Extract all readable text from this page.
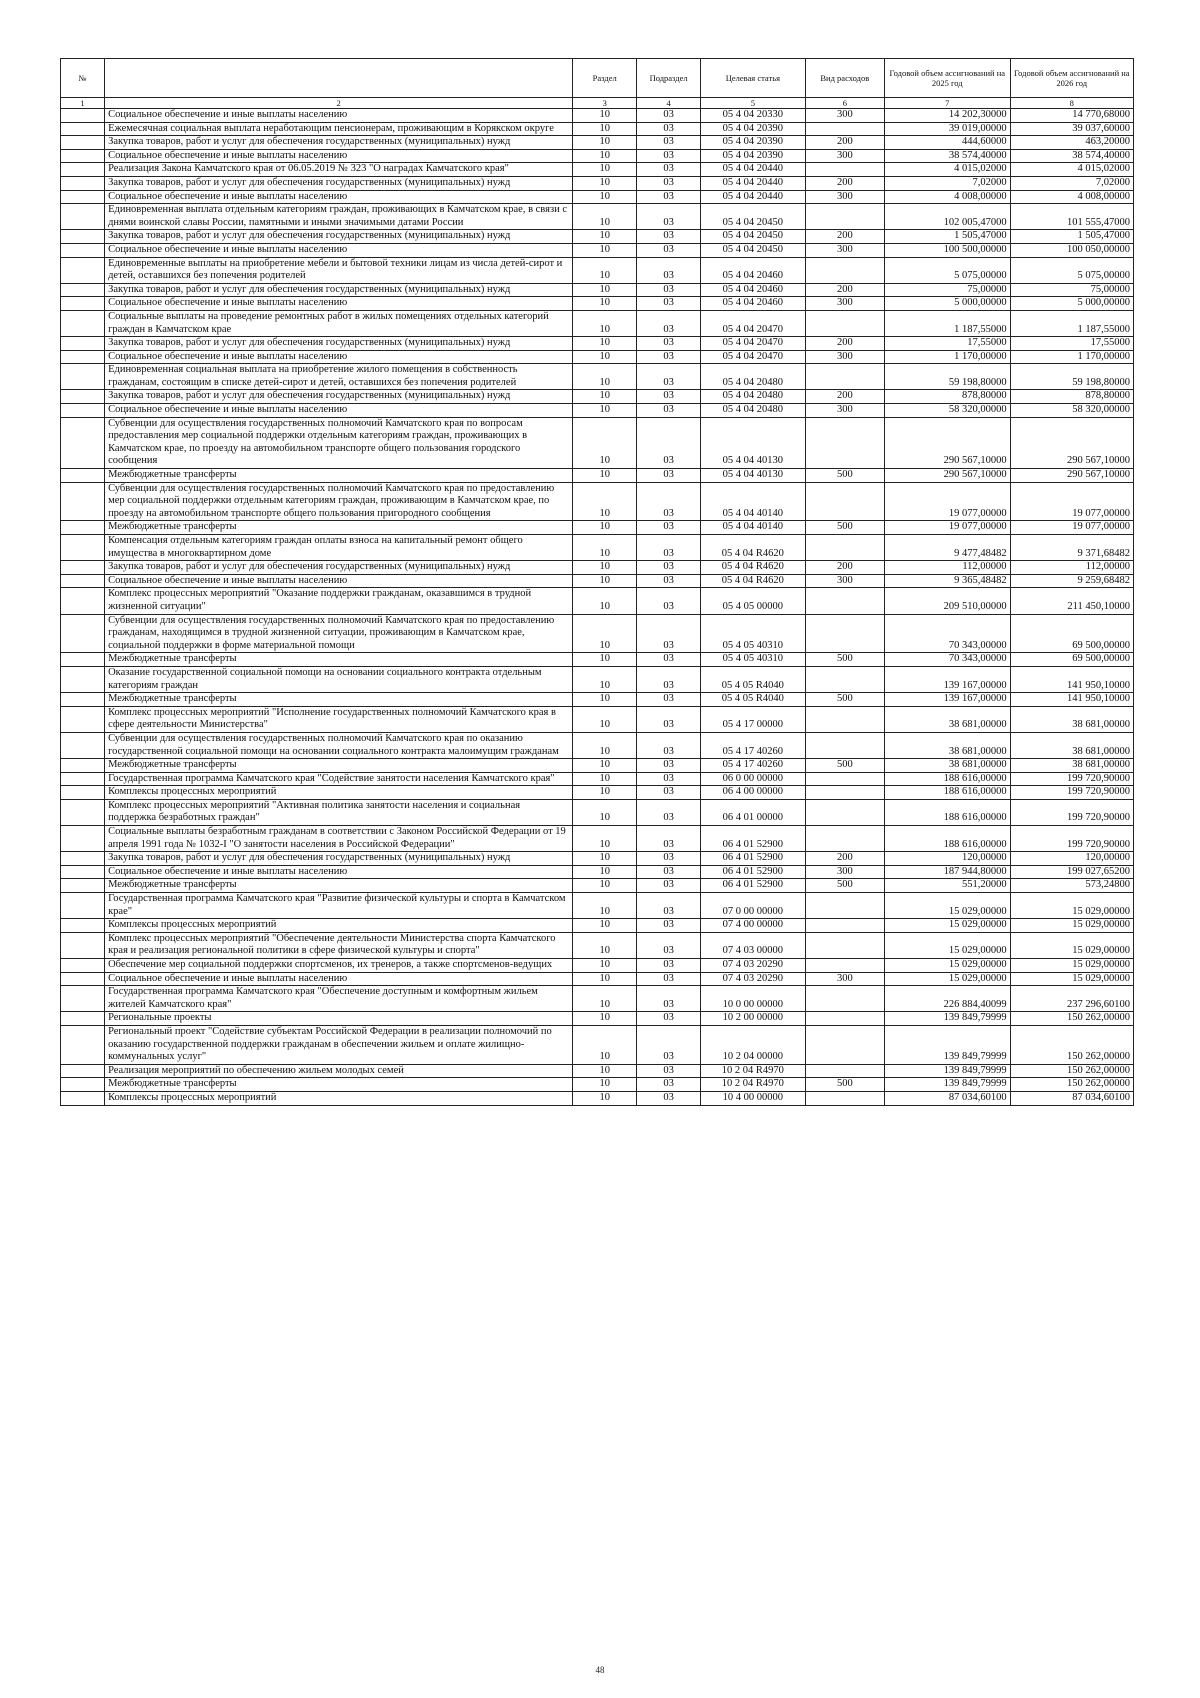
№		Раздел	Подраздел	Целевая статья	Вид расходов	Годовой объем ассигнований на 2025 год	Годовой объем ассигнований на 2026 год
1	2	3	4	5	6	7	8
	Социальное обеспечение и иные выплаты населению	10	03	05 4 04 20330	300	14 202,30000	14 770,68000
	Ежемесячная социальная выплата неработающим пенсионерам, проживающим в Корякском округе	10	03	05 4 04 20390		39 019,00000	39 037,60000
	Закупка товаров, работ и услуг для обеспечения государственных (муниципальных) нужд	10	03	05 4 04 20390	200	444,60000	463,20000
	Социальное обеспечение и иные выплаты населению	10	03	05 4 04 20390	300	38 574,40000	38 574,40000
	Реализация Закона Камчатского края от 06.05.2019 № 323 "О наградах Камчатского края"	10	03	05 4 04 20440		4 015,02000	4 015,02000
	Закупка товаров, работ и услуг для обеспечения государственных (муниципальных) нужд	10	03	05 4 04 20440	200	7,02000	7,02000
	Социальное обеспечение и иные выплаты населению	10	03	05 4 04 20440	300	4 008,00000	4 008,00000
	Единовременная выплата отдельным категориям граждан, проживающих в Камчатском крае, в связи с днями воинской славы России, памятными и иными значимыми датами России	10	03	05 4 04 20450		102 005,47000	101 555,47000
	Закупка товаров, работ и услуг для обеспечения государственных (муниципальных) нужд	10	03	05 4 04 20450	200	1 505,47000	1 505,47000
	Социальное обеспечение и иные выплаты населению	10	03	05 4 04 20450	300	100 500,00000	100 050,00000
	Единовременные выплаты на приобретение мебели и бытовой техники лицам из числа детей-сирот и детей, оставшихся без попечения родителей	10	03	05 4 04 20460		5 075,00000	5 075,00000
	Закупка товаров, работ и услуг для обеспечения государственных (муниципальных) нужд	10	03	05 4 04 20460	200	75,00000	75,00000
	Социальное обеспечение и иные выплаты населению	10	03	05 4 04 20460	300	5 000,00000	5 000,00000
	Социальные выплаты на проведение ремонтных работ в жилых помещениях отдельных категорий граждан в Камчатском крае	10	03	05 4 04 20470		1 187,55000	1 187,55000
	Закупка товаров, работ и услуг для обеспечения государственных (муниципальных) нужд	10	03	05 4 04 20470	200	17,55000	17,55000
	Социальное обеспечение и иные выплаты населению	10	03	05 4 04 20470	300	1 170,00000	1 170,00000
	Единовременная социальная выплата на приобретение жилого помещения в собственность гражданам, состоящим в списке детей-сирот и детей, оставшихся без попечения родителей	10	03	05 4 04 20480		59 198,80000	59 198,80000
	Закупка товаров, работ и услуг для обеспечения государственных (муниципальных) нужд	10	03	05 4 04 20480	200	878,80000	878,80000
	Социальное обеспечение и иные выплаты населению	10	03	05 4 04 20480	300	58 320,00000	58 320,00000
	Субвенции для осуществления государственных полномочий Камчатского края по вопросам предоставления мер социальной поддержки отдельным категориям граждан, проживающих в Камчатском крае, по проезду на автомобильном транспорте общего пользования городского сообщения	10	03	05 4 04 40130		290 567,10000	290 567,10000
	Межбюджетные трансферты	10	03	05 4 04 40130	500	290 567,10000	290 567,10000
	Субвенции для осуществления государственных полномочий Камчатского края по предоставлению мер социальной поддержки отдельным категориям граждан, проживающим в Камчатском крае, по проезду на автомобильном транспорте общего пользования пригородного сообщения	10	03	05 4 04 40140		19 077,00000	19 077,00000
	Межбюджетные трансферты	10	03	05 4 04 40140	500	19 077,00000	19 077,00000
	Компенсация отдельным категориям граждан оплаты взноса на капитальный ремонт общего имущества в многоквартирном доме	10	03	05 4 04 R4620		9 477,48482	9 371,68482
	Закупка товаров, работ и услуг для обеспечения государственных (муниципальных) нужд	10	03	05 4 04 R4620	200	112,00000	112,00000
	Социальное обеспечение и иные выплаты населению	10	03	05 4 04 R4620	300	9 365,48482	9 259,68482
	Комплекс процессных мероприятий "Оказание поддержки гражданам, оказавшимся в трудной жизненной ситуации"	10	03	05 4 05 00000		209 510,00000	211 450,10000
	Субвенции для осуществления государственных полномочий Камчатского края по предоставлению гражданам, находящимся в трудной жизненной ситуации, проживающим в Камчатском крае, социальной поддержки в форме материальной помощи	10	03	05 4 05 40310		70 343,00000	69 500,00000
	Межбюджетные трансферты	10	03	05 4 05 40310	500	70 343,00000	69 500,00000
	Оказание государственной социальной помощи на основании социального контракта отдельным категориям граждан	10	03	05 4 05 R4040		139 167,00000	141 950,10000
	Межбюджетные трансферты	10	03	05 4 05 R4040	500	139 167,00000	141 950,10000
	Комплекс процессных мероприятий "Исполнение государственных полномочий Камчатского края в сфере деятельности Министерства"	10	03	05 4 17 00000		38 681,00000	38 681,00000
	Субвенции для осуществления государственных полномочий Камчатского края по оказанию государственной социальной помощи на основании социального контракта малоимущим гражданам	10	03	05 4 17 40260		38 681,00000	38 681,00000
	Межбюджетные трансферты	10	03	05 4 17 40260	500	38 681,00000	38 681,00000
	Государственная программа Камчатского края "Содействие занятости населения Камчатского края"	10	03	06 0 00 00000		188 616,00000	199 720,90000
	Комплексы процессных мероприятий	10	03	06 4 00 00000		188 616,00000	199 720,90000
	Комплекс процессных мероприятий "Активная политика занятости населения и социальная поддержка безработных граждан"	10	03	06 4 01 00000		188 616,00000	199 720,90000
	Социальные выплаты безработным гражданам в соответствии с Законом Российской Федерации от 19 апреля 1991 года № 1032-I "О занятости населения в Российской Федерации"	10	03	06 4 01 52900		188 616,00000	199 720,90000
	Закупка товаров, работ и услуг для обеспечения государственных (муниципальных) нужд	10	03	06 4 01 52900	200	120,00000	120,00000
	Социальное обеспечение и иные выплаты населению	10	03	06 4 01 52900	300	187 944,80000	199 027,65200
	Межбюджетные трансферты	10	03	06 4 01 52900	500	551,20000	573,24800
	Государственная программа Камчатского края "Развитие физической культуры и спорта в Камчатском крае"	10	03	07 0 00 00000		15 029,00000	15 029,00000
	Комплексы процессных мероприятий	10	03	07 4 00 00000		15 029,00000	15 029,00000
	Комплекс процессных мероприятий "Обеспечение деятельности Министерства спорта Камчатского края и реализация региональной политики в сфере физической культуры и спорта"	10	03	07 4 03 00000		15 029,00000	15 029,00000
	Обеспечение мер социальной поддержки спортсменов, их тренеров, а также спортсменов-ведущих	10	03	07 4 03 20290		15 029,00000	15 029,00000
	Социальное обеспечение и иные выплаты населению	10	03	07 4 03 20290	300	15 029,00000	15 029,00000
	Государственная программа Камчатского края "Обеспечение доступным и комфортным жильем жителей Камчатского края"	10	03	10 0 00 00000		226 884,40099	237 296,60100
	Региональные проекты	10	03	10 2 00 00000		139 849,79999	150 262,00000
	Региональный проект "Содействие субъектам Российской Федерации в реализации полномочий по оказанию государственной поддержки гражданам в обеспечении жильем и оплате жилищно-коммунальных услуг"	10	03	10 2 04 00000		139 849,79999	150 262,00000
	Реализация мероприятий по обеспечению жильем молодых семей	10	03	10 2 04 R4970		139 849,79999	150 262,00000
	Межбюджетные трансферты	10	03	10 2 04 R4970	500	139 849,79999	150 262,00000
	Комплексы процессных мероприятий	10	03	10 4 00 00000		87 034,60100	87 034,60100
48
